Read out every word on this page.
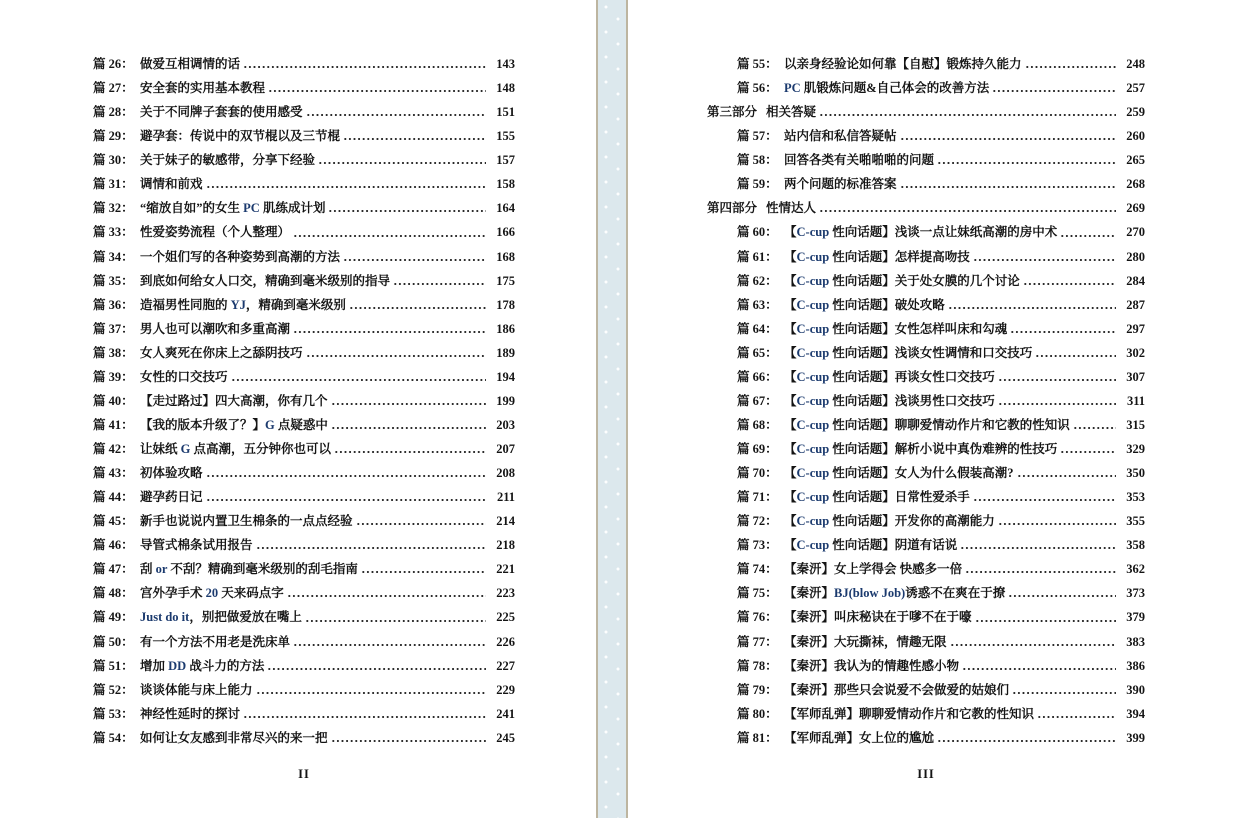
篇 26： 做爱互相调情的话	143
篇 27： 安全套的实用基本教程	148
篇 28： 关于不同牌子套套的使用感受	151
篇 29： 避孕套：传说中的双节棍以及三节棍	155
篇 30： 关于妹子的敏感带，分享下经验	157
篇 31： 调情和前戏	158
篇 32： “缩放自如”的女生 PC 肌练成计划	164
篇 33： 性爱姿势流程（个人整理）	166
篇 34： 一个姐们写的各种姿势到高潮的方法	168
篇 35： 到底如何给女人口交，精确到毫米级别的指导	175
篇 36： 造福男性同胞的 YJ，精确到毫米级别	178
篇 37： 男人也可以潮吹和多重高潮	186
篇 38： 女人爽死在你床上之舔阴技巧	189
篇 39： 女性的口交技巧	194
篇 40： 【走过路过】四大高潮，你有几个	199
篇 41： 【我的版本升级了？】G 点疑惑中	203
篇 42： 让妹纸 G 点高潮，五分钟你也可以	207
篇 43： 初体验攻略	208
篇 44： 避孕药日记	211
篇 45： 新手也说说内置卫生棉条的一点点经验	214
篇 46： 导管式棉条试用报告	218
篇 47： 刮 or 不刮？精确到毫米级别的刮毛指南	221
篇 48： 宫外孕手术 20 天来码点字	223
篇 49： Just do it，别把做爱放在嘴上	225
篇 50： 有一个方法不用老是洗床单	226
篇 51： 增加 DD 战斗力的方法	227
篇 52： 谈谈体能与床上能力	229
篇 53： 神经性延时的探讨	241
篇 54： 如何让女友感到非常尽兴的来一把	245
II
篇 55： 以亲身经验论如何靠【自慰】锻炼持久能力	248
篇 56： PC 肌锻炼问题&自己体会的改善方法	257
第三部分 相关答疑	259
篇 57： 站内信和私信答疑帖	260
篇 58： 回答各类有关啪啪啪的问题	265
篇 59： 两个问题的标准答案	268
第四部分 性情达人	269
篇 60： 【C-cup 性向话题】浅谈一点让妹纸高潮的房中术	270
篇 61： 【C-cup 性向话题】怎样提高吻技	280
篇 62： 【C-cup 性向话题】关于处女膜的几个讨论	284
篇 63： 【C-cup 性向话题】破处攻略	287
篇 64： 【C-cup 性向话题】女性怎样叫床和勾魂	297
篇 65： 【C-cup 性向话题】浅谈女性调情和口交技巧	302
篇 66： 【C-cup 性向话题】再谈女性口交技巧	307
篇 67： 【C-cup 性向话题】浅谈男性口交技巧	311
篇 68： 【C-cup 性向话题】聊聊爱情动作片和它教的性知识	315
篇 69： 【C-cup 性向话题】解析小说中真伪难辨的性技巧	329
篇 70： 【C-cup 性向话题】女人为什么假装高潮?	350
篇 71： 【C-cup 性向话题】日常性爱杀手	353
篇 72： 【C-cup 性向话题】开发你的高潮能力	355
篇 73： 【C-cup 性向话题】阴道有话说	358
篇 74： 【秦汧】女上学得会 快感多一倍	362
篇 75： 【秦汧】BJ(blow Job)诱惑不在爽在于撩	373
篇 76： 【秦汧】叫床秘诀在于嗲不在于嚎	379
篇 77： 【秦汧】大玩撕袜，情趣无限	383
篇 78： 【秦汧】我认为的情趣性感小物	386
篇 79： 【秦汧】那些只会说爱不会做爱的姑娘们	390
篇 80： 【军师乱弹】聊聊爱情动作片和它教的性知识	394
篇 81： 【军师乱弹】女上位的尴尬	399
III
